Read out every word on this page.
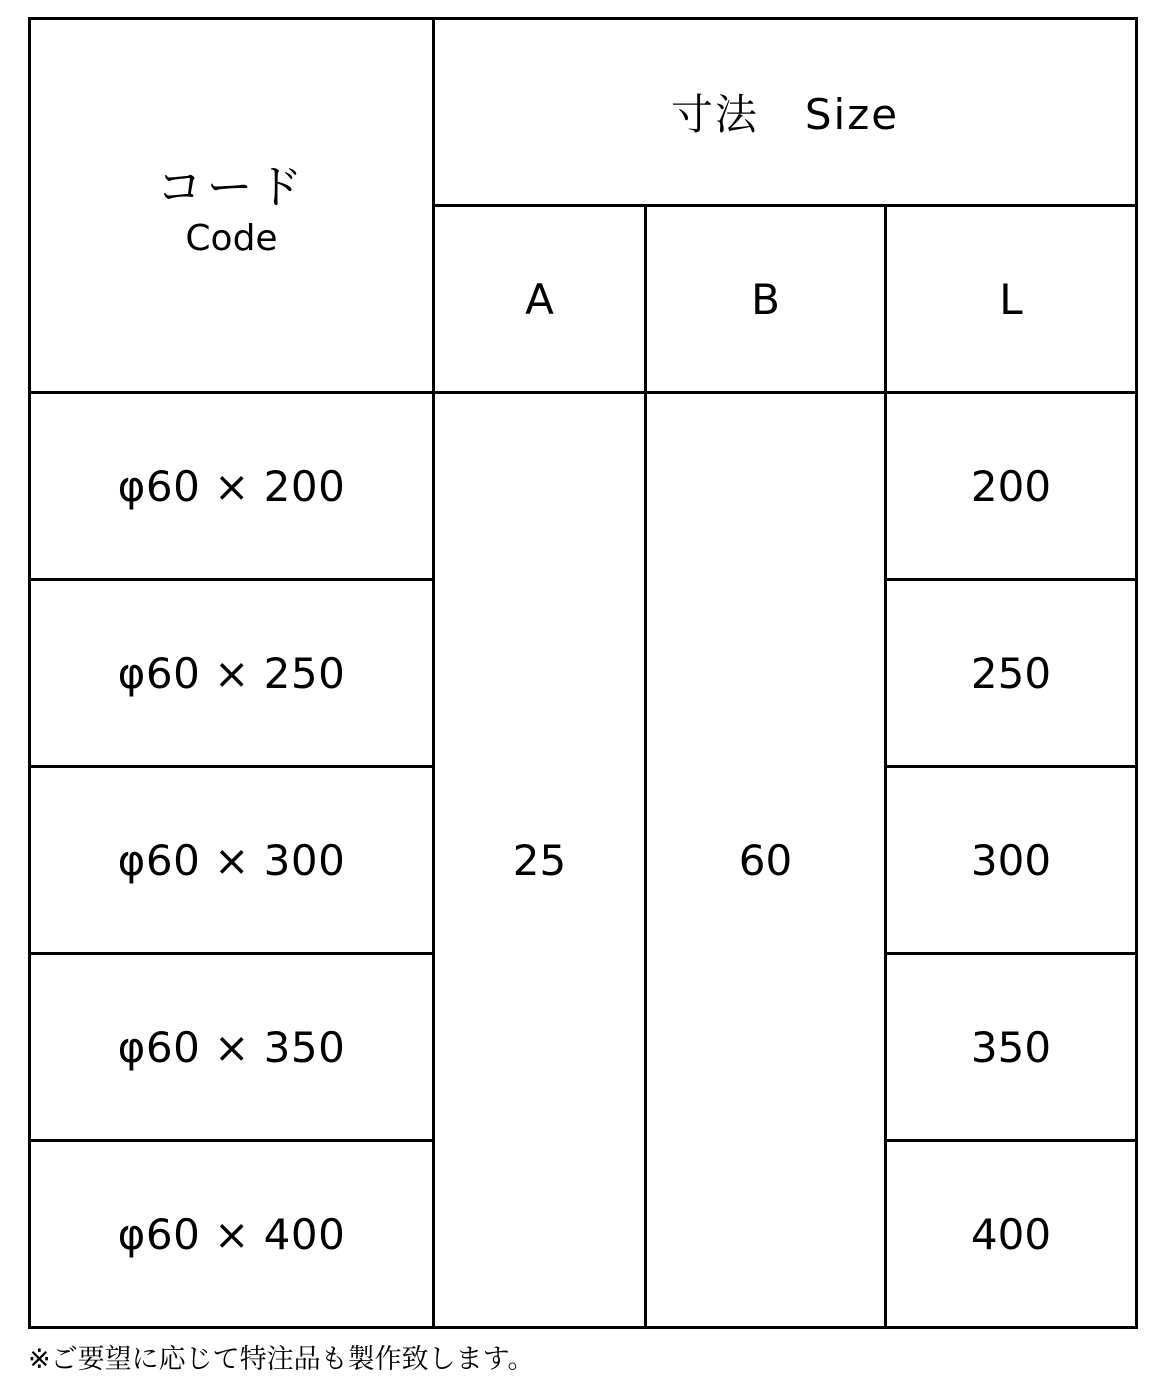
コード
Code	寸法 Size		
	A	B	L
φ60 × 200	25	60	200
φ60 × 250			250
φ60 × 300			300
φ60 × 350			350
φ60 × 400			400
※ご要望に応じて特注品も製作致します。
